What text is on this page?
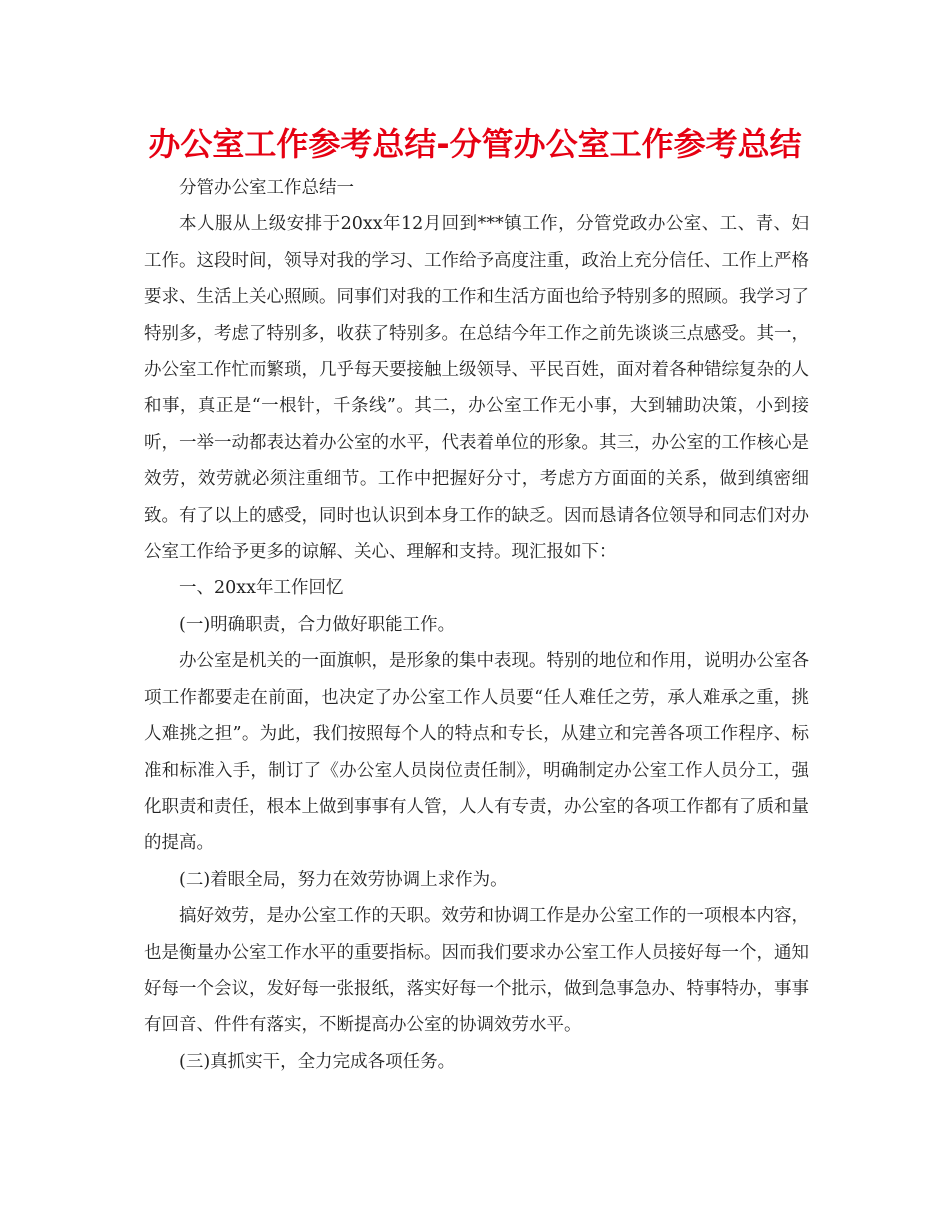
办公室工作参考总结-分管办公室工作参考总结

分管办公室工作总结一

本人服从上级安排于20xx年12月回到***镇工作，分管党政办公室、工、青、妇工作。这段时间，领导对我的学习、工作给予高度注重，政治上充分信任、工作上严格要求、生活上关心照顾。同事们对我的工作和生活方面也给予特别多的照顾。我学习了特别多，考虑了特别多，收获了特别多。在总结今年工作之前先谈谈三点感受。其一，办公室工作忙而繁琐，几乎每天要接触上级领导、平民百姓，面对着各种错综复杂的人和事，真正是“一根针，千条线”。其二，办公室工作无小事，大到辅助决策，小到接听，一举一动都表达着办公室的水平，代表着单位的形象。其三，办公室的工作核心是效劳，效劳就必须注重细节。工作中把握好分寸，考虑方方面面的关系，做到缜密细致。有了以上的感受，同时也认识到本身工作的缺乏。因而恳请各位领导和同志们对办公室工作给予更多的谅解、关心、理解和支持。现汇报如下：

一、20xx年工作回忆

(一)明确职责，合力做好职能工作。

办公室是机关的一面旗帜，是形象的集中表现。特别的地位和作用，说明办公室各项工作都要走在前面，也决定了办公室工作人员要“任人难任之劳，承人难承之重，挑人难挑之担”。为此，我们按照每个人的特点和专长，从建立和完善各项工作程序、标准和标准入手，制订了《办公室人员岗位责任制》，明确制定办公室工作人员分工，强化职责和责任，根本上做到事事有人管，人人有专责，办公室的各项工作都有了质和量的提高。

(二)着眼全局，努力在效劳协调上求作为。

搞好效劳，是办公室工作的天职。效劳和协调工作是办公室工作的一项根本内容，也是衡量办公室工作水平的重要指标。因而我们要求办公室工作人员接好每一个，通知好每一个会议，发好每一张报纸，落实好每一个批示，做到急事急办、特事特办，事事有回音、件件有落实，不断提高办公室的协调效劳水平。

(三)真抓实干，全力完成各项任务。
